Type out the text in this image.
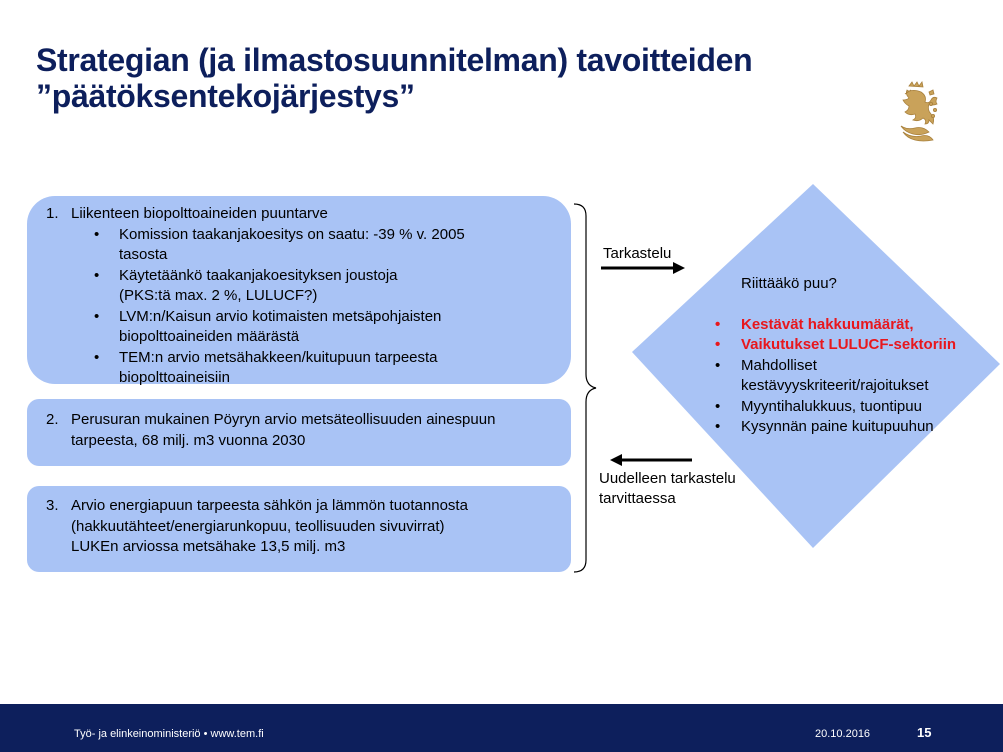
Strategian (ja ilmastosuunnitelman) tavoitteiden
”päätöksentekojärjestys”
1. Liikenteen biopolttoaineiden puuntarve
•	Komission taakanjakoesitys on saatu: -39 % v. 2005
tasosta
•	Käytetäänkö taakanjakoesityksen joustoja
(PKS:tä max. 2 %, LULUCF?)
•	LVM:n/Kaisun arvio kotimaisten metsäpohjaisten
biopolttoaineiden määrästä
•	TEM:n arvio metsähakkeen/kuitupuun tarpeesta
biopolttoaineisiin
2. Perusuran mukainen Pöyryn arvio metsäteollisuuden ainespuun
tarpeesta, 68 milj. m3 vuonna 2030
3. Arvio energiapuun tarpeesta sähkön ja lämmön tuotannosta
(hakkuutähteet/energiarunkopuu, teollisuuden sivuvirrat)
LUKEn arviossa metsähake 13,5 milj. m3
Tarkastelu
Uudelleen tarkastelu
tarvittaessa
Riittääkö puu?
•	Kestävät hakkuumäärät,
•	Vaikutukset LULUCF-sektoriin
•	Mahdolliset
kestävyyskriteerit/rajoitukset
•	Myyntihalukkuus, tuontipuu
•	Kysynnän paine kuitupuuhun
Työ- ja elinkeinoministeriö • www.tem.fi	20.10.2016	15
